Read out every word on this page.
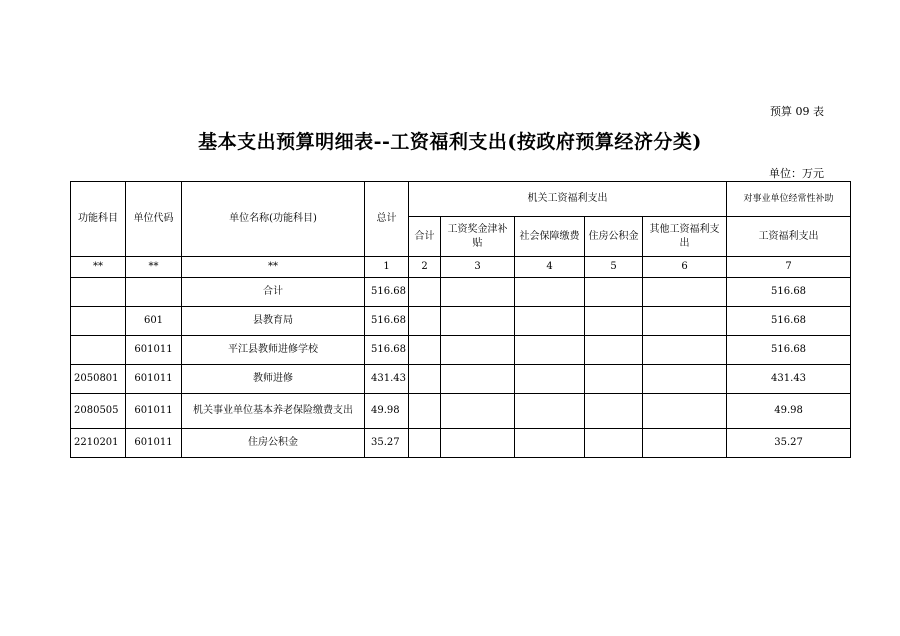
预算 09 表
基本支出预算明细表--工资福利支出(按政府预算经济分类)
单位：万元
功能科目	单位代码	单位名称(功能科目)	总计	机关工资福利支出					对事业单位经常性补助
				合计	工资奖金津补贴	社会保障缴费	住房公积金	其他工资福利支出	工资福利支出
**	**	**	1	2	3	4	5	6	7
		合计	516.68						516.68
	601	县教育局	516.68						516.68
	601011	平江县教师进修学校	516.68						516.68
2050801	601011	教师进修	431.43						431.43
2080505	601011	机关事业单位基本养老保险缴费支出	49.98						49.98
2210201	601011	住房公积金	35.27						35.27
